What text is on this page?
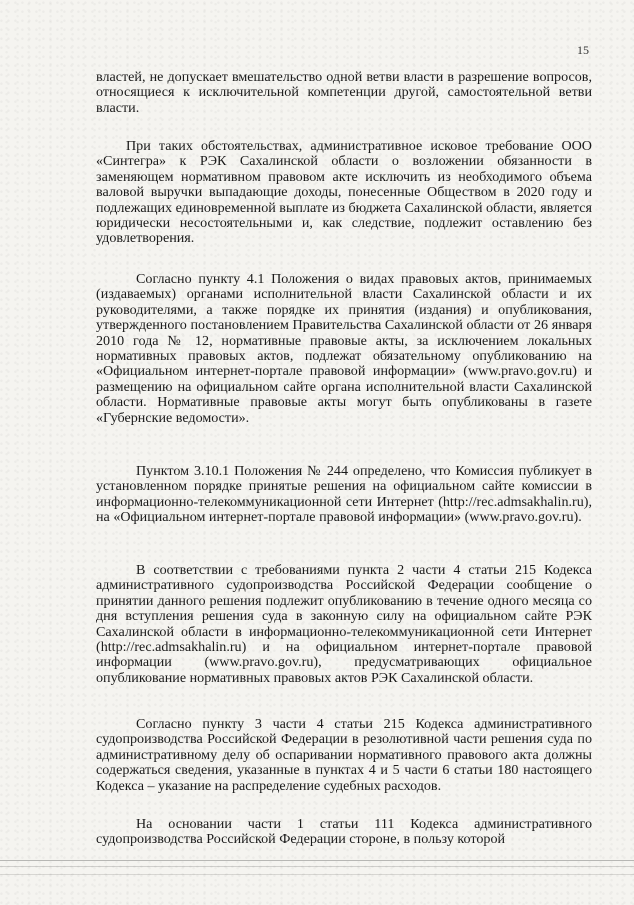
15

властей, не допускает вмешательство одной ветви власти в разрешение вопросов, относящиеся к исключительной компетенции другой, самостоятельной ветви власти.

При таких обстоятельствах, административное исковое требование ООО «Синтегра» к РЭК Сахалинской области о возложении обязанности в заменяющем нормативном правовом акте исключить из необходимого объема валовой выручки выпадающие доходы, понесенные Обществом в 2020 году и подлежащих единовременной выплате из бюджета Сахалинской области, является юридически несостоятельными и, как следствие, подлежит оставлению без удовлетворения.

Согласно пункту 4.1 Положения о видах правовых актов, принимаемых (издаваемых) органами исполнительной власти Сахалинской области и их руководителями, а также порядке их принятия (издания) и опубликования, утвержденного постановлением Правительства Сахалинской области от 26 января 2010 года № 12, нормативные правовые акты, за исключением локальных нормативных правовых актов, подлежат обязательному опубликованию на «Официальном интернет-портале правовой информации» (www.pravo.gov.ru) и размещению на официальном сайте органа исполнительной власти Сахалинской области. Нормативные правовые акты могут быть опубликованы в газете «Губернские ведомости».

Пунктом 3.10.1 Положения № 244 определено, что Комиссия публикует в установленном порядке принятые решения на официальном сайте комиссии в информационно-телекоммуникационной сети Интернет (http://rec.admsakhalin.ru), на «Официальном интернет-портале правовой информации» (www.pravo.gov.ru).

В соответствии с требованиями пункта 2 части 4 статьи 215 Кодекса административного судопроизводства Российской Федерации сообщение о принятии данного решения подлежит опубликованию в течение одного месяца со дня вступления решения суда в законную силу на официальном сайте РЭК Сахалинской области в информационно-телекоммуникационной сети Интернет (http://rec.admsakhalin.ru) и на официальном интернет-портале правовой информации (www.pravo.gov.ru), предусматривающих официальное опубликование нормативных правовых актов РЭК Сахалинской области.

Согласно пункту 3 части 4 статьи 215 Кодекса административного судопроизводства Российской Федерации в резолютивной части решения суда по административному делу об оспаривании нормативного правового акта должны содержаться сведения, указанные в пунктах 4 и 5 части 6 статьи 180 настоящего Кодекса – указание на распределение судебных расходов.

На основании части 1 статьи 111 Кодекса административного судопроизводства Российской Федерации стороне, в пользу которой
